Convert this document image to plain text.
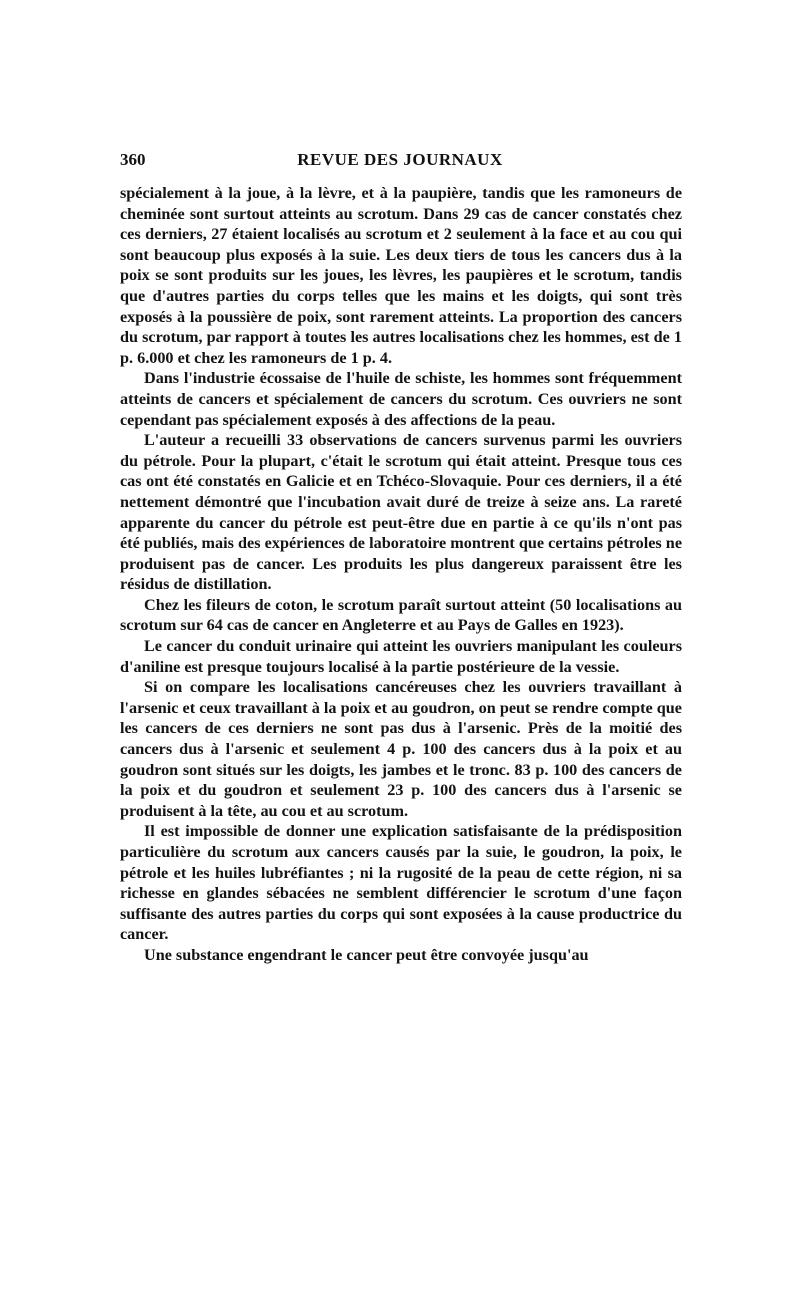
360	REVUE DES JOURNAUX

spécialement à la joue, à la lèvre, et à la paupière, tandis que les ramoneurs de cheminée sont surtout atteints au scrotum. Dans 29 cas de cancer constatés chez ces derniers, 27 étaient localisés au scrotum et 2 seulement à la face et au cou qui sont beaucoup plus exposés à la suie. Les deux tiers de tous les cancers dus à la poix se sont produits sur les joues, les lèvres, les paupières et le scrotum, tandis que d'autres parties du corps telles que les mains et les doigts, qui sont très exposés à la poussière de poix, sont rarement atteints. La proportion des cancers du scrotum, par rapport à toutes les autres localisations chez les hommes, est de 1 p. 6.000 et chez les ramoneurs de 1 p. 4.

Dans l'industrie écossaise de l'huile de schiste, les hommes sont fréquemment atteints de cancers et spécialement de cancers du scrotum. Ces ouvriers ne sont cependant pas spécialement exposés à des affections de la peau.

L'auteur a recueilli 33 observations de cancers survenus parmi les ouvriers du pétrole. Pour la plupart, c'était le scrotum qui était atteint. Presque tous ces cas ont été constatés en Galicie et en Tchéco-Slovaquie. Pour ces derniers, il a été nettement démontré que l'incubation avait duré de treize à seize ans. La rareté apparente du cancer du pétrole est peut-être due en partie à ce qu'ils n'ont pas été publiés, mais des expériences de laboratoire montrent que certains pétroles ne produisent pas de cancer. Les produits les plus dangereux paraissent être les résidus de distillation.

Chez les fileurs de coton, le scrotum paraît surtout atteint (50 localisations au scrotum sur 64 cas de cancer en Angleterre et au Pays de Galles en 1923).

Le cancer du conduit urinaire qui atteint les ouvriers manipulant les couleurs d'aniline est presque toujours localisé à la partie postérieure de la vessie.

Si on compare les localisations cancéreuses chez les ouvriers travaillant à l'arsenic et ceux travaillant à la poix et au goudron, on peut se rendre compte que les cancers de ces derniers ne sont pas dus à l'arsenic. Près de la moitié des cancers dus à l'arsenic et seulement 4 p. 100 des cancers dus à la poix et au goudron sont situés sur les doigts, les jambes et le tronc. 83 p. 100 des cancers de la poix et du goudron et seulement 23 p. 100 des cancers dus à l'arsenic se produisent à la tête, au cou et au scrotum.

Il est impossible de donner une explication satisfaisante de la prédisposition particulière du scrotum aux cancers causés par la suie, le goudron, la poix, le pétrole et les huiles lubréfiantes ; ni la rugosité de la peau de cette région, ni sa richesse en glandes sébacées ne semblent différencier le scrotum d'une façon suffisante des autres parties du corps qui sont exposées à la cause productrice du cancer.

Une substance engendrant le cancer peut être convoyée jusqu'au
